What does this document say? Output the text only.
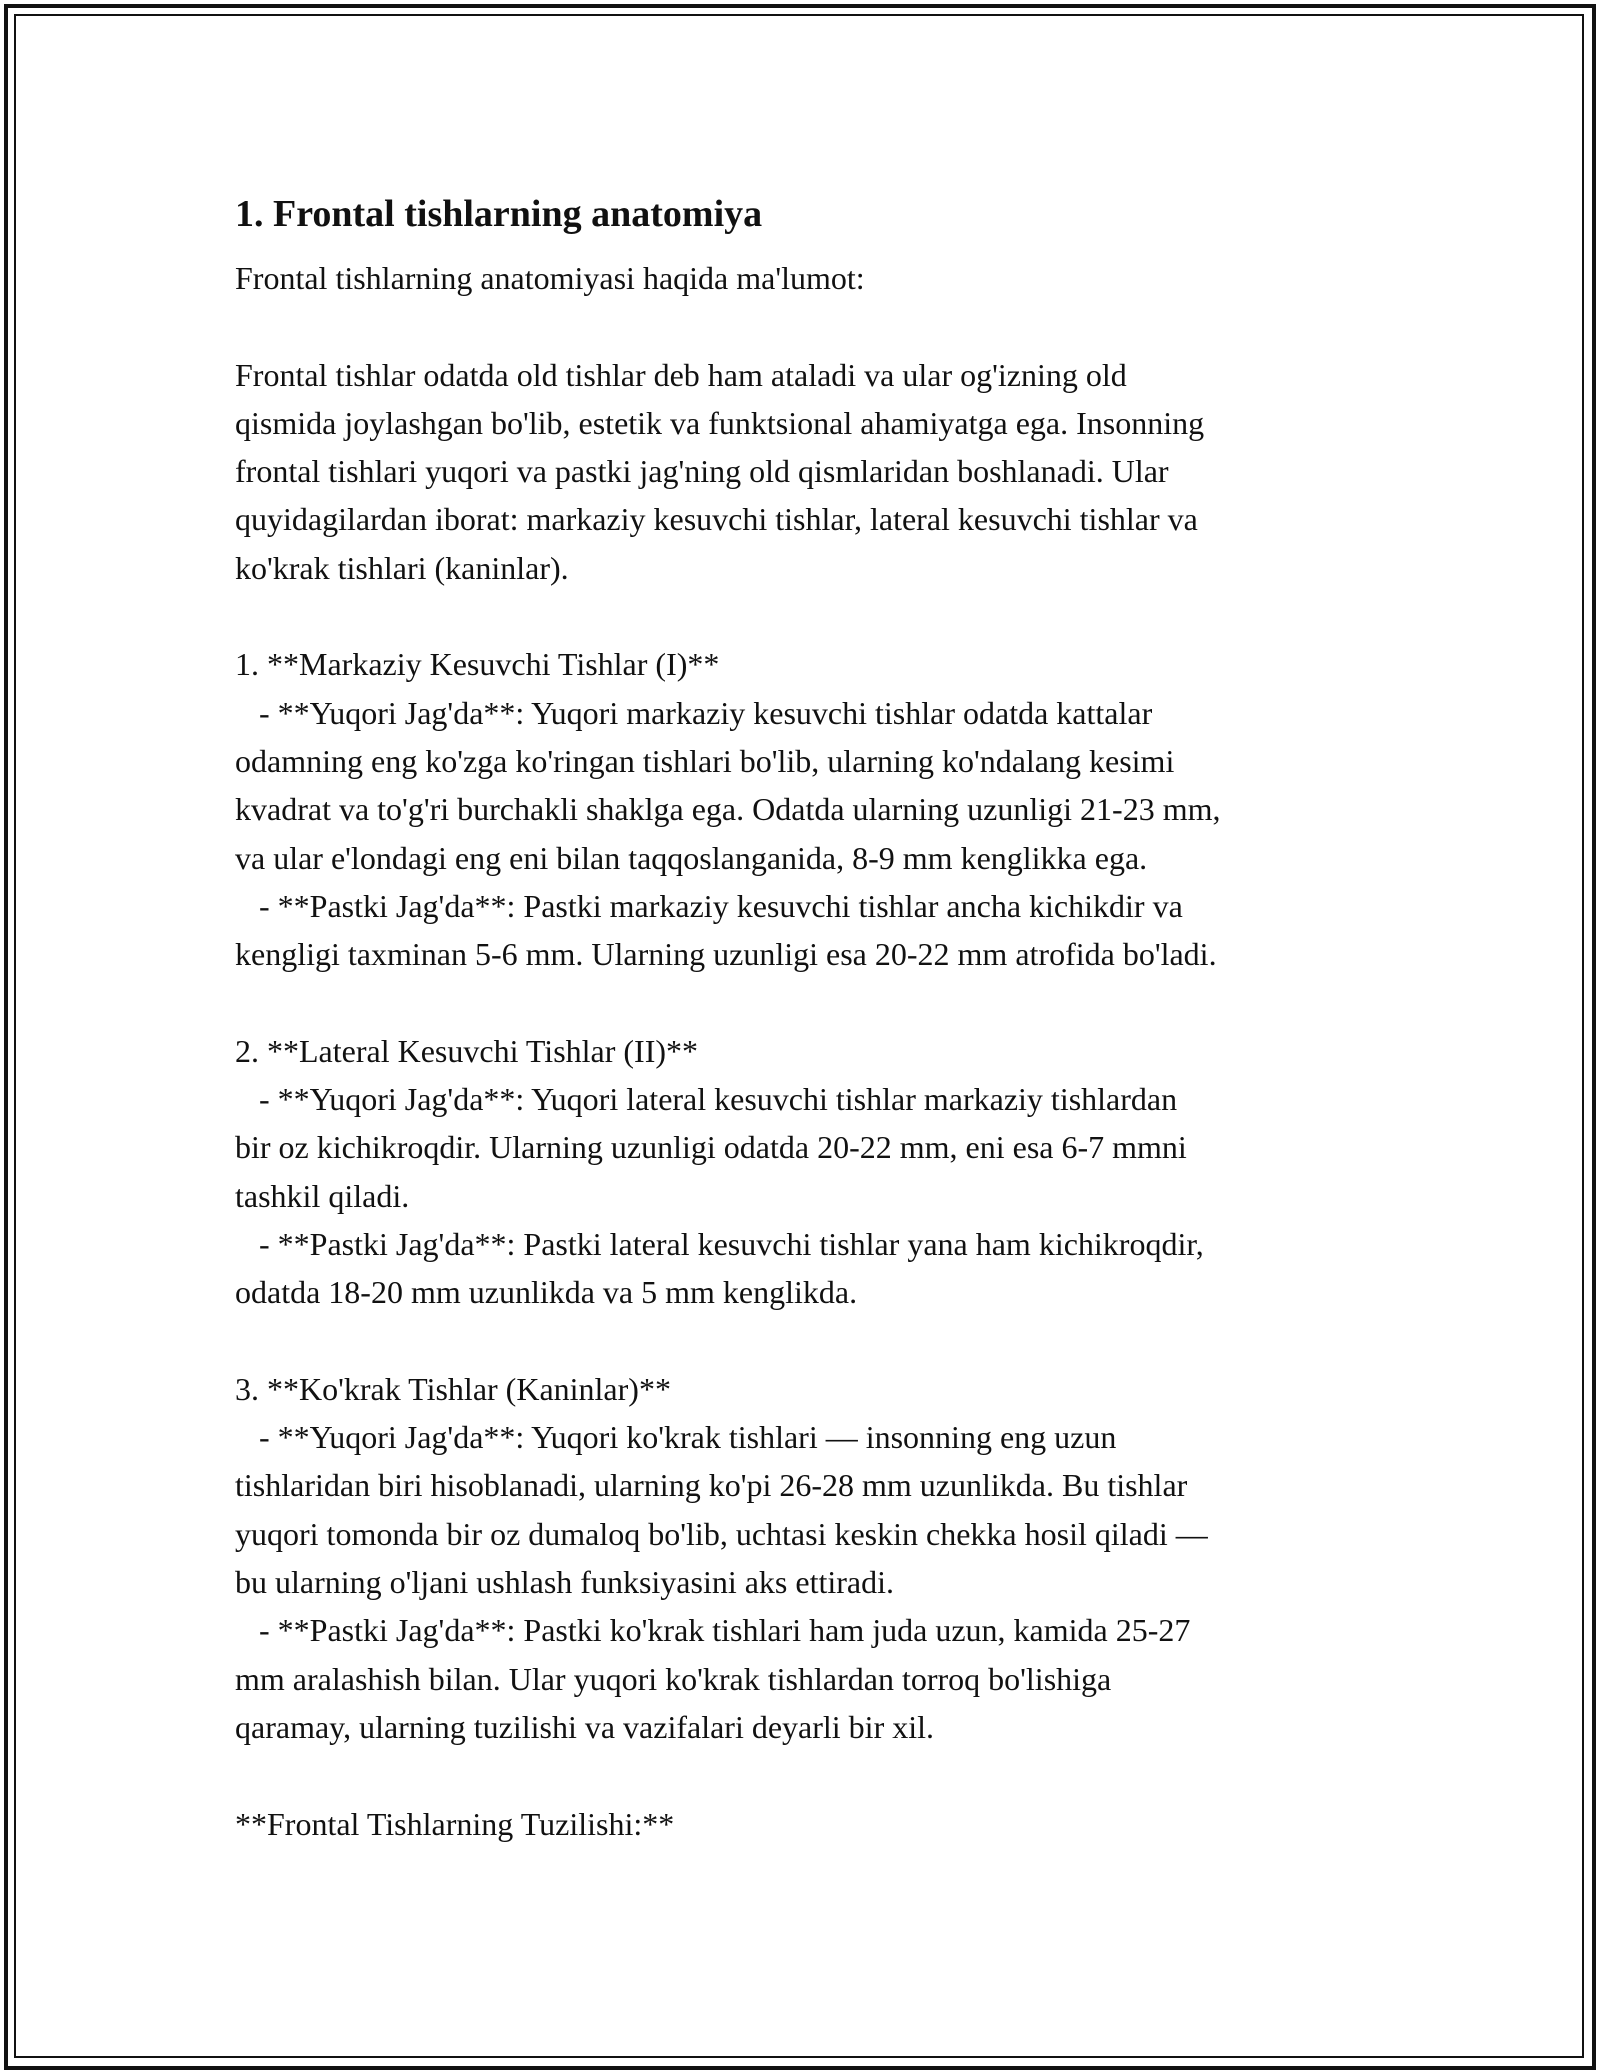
1. Frontal tishlarning anatomiya

Frontal tishlarning anatomiyasi haqida ma'lumot:

Frontal tishlar odatda old tishlar deb ham ataladi va ular og'izning old
qismida joylashgan bo'lib, estetik va funktsional ahamiyatga ega. Insonning
frontal tishlari yuqori va pastki jag'ning old qismlaridan boshlanadi. Ular
quyidagilardan iborat: markaziy kesuvchi tishlar, lateral kesuvchi tishlar va
ko'krak tishlari (kaninlar).

1. **Markaziy Kesuvchi Tishlar (I)**
- **Yuqori Jag'da**: Yuqori markaziy kesuvchi tishlar odatda kattalar
odamning eng ko'zga ko'ringan tishlari bo'lib, ularning ko'ndalang kesimi
kvadrat va to'g'ri burchakli shaklga ega. Odatda ularning uzunligi 21-23 mm,
va ular e'londagi eng eni bilan taqqoslanganida, 8-9 mm kenglikka ega.
- **Pastki Jag'da**: Pastki markaziy kesuvchi tishlar ancha kichikdir va
kengligi taxminan 5-6 mm. Ularning uzunligi esa 20-22 mm atrofida bo'ladi.

2. **Lateral Kesuvchi Tishlar (II)**
- **Yuqori Jag'da**: Yuqori lateral kesuvchi tishlar markaziy tishlardan
bir oz kichikroqdir. Ularning uzunligi odatda 20-22 mm, eni esa 6-7 mmni
tashkil qiladi.
- **Pastki Jag'da**: Pastki lateral kesuvchi tishlar yana ham kichikroqdir,
odatda 18-20 mm uzunlikda va 5 mm kenglikda.

3. **Ko'krak Tishlar (Kaninlar)**
- **Yuqori Jag'da**: Yuqori ko'krak tishlari — insonning eng uzun
tishlaridan biri hisoblanadi, ularning ko'pi 26-28 mm uzunlikda. Bu tishlar
yuqori tomonda bir oz dumaloq bo'lib, uchtasi keskin chekka hosil qiladi —
bu ularning o'ljani ushlash funksiyasini aks ettiradi.
- **Pastki Jag'da**: Pastki ko'krak tishlari ham juda uzun, kamida 25-27
mm aralashish bilan. Ular yuqori ko'krak tishlardan torroq bo'lishiga
qaramay, ularning tuzilishi va vazifalari deyarli bir xil.

**Frontal Tishlarning Tuzilishi:**
